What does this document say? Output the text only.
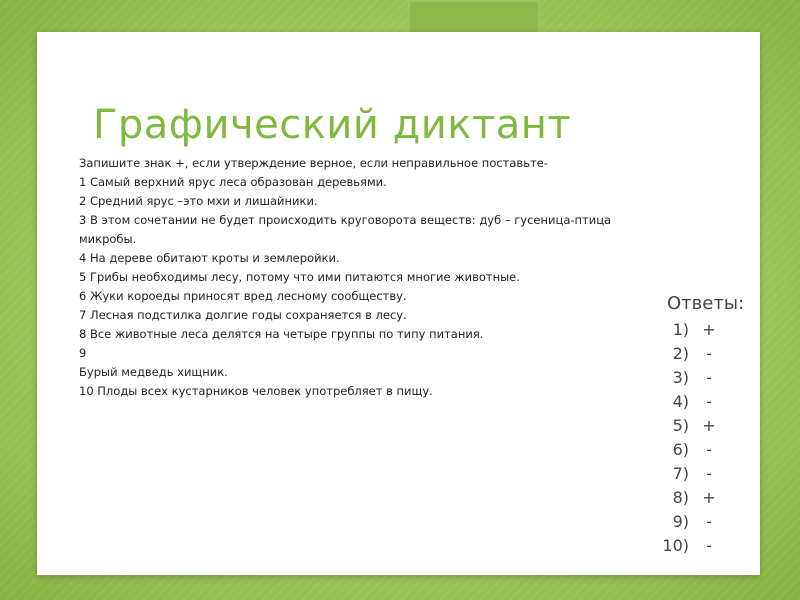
Графический диктант
Запишите знак +, если утверждение верное, если неправильное поставьте-
1 Самый верхний ярус леса образован деревьями.
2 Средний ярус –это мхи и лишайники.
3 В этом сочетании не будет происходить круговорота веществ: дуб – гусеница-птица
микробы.
4 На дереве обитают кроты и землеройки.
5 Грибы необходимы лесу, потому что ими питаются многие животные.
6 Жуки короеды приносят вред лесному сообществу.
7 Лесная подстилка долгие годы сохраняется в лесу.
8 Все животные леса делятся на четыре группы по типу питания.
9
Бурый медведь хищник.
10 Плоды всех кустарников человек употребляет в пищу.
Ответы:
1) +
2)	-
3)	-
4)	-
5) +
6)	-
7)	-
8) +
9)	-
10)	-
